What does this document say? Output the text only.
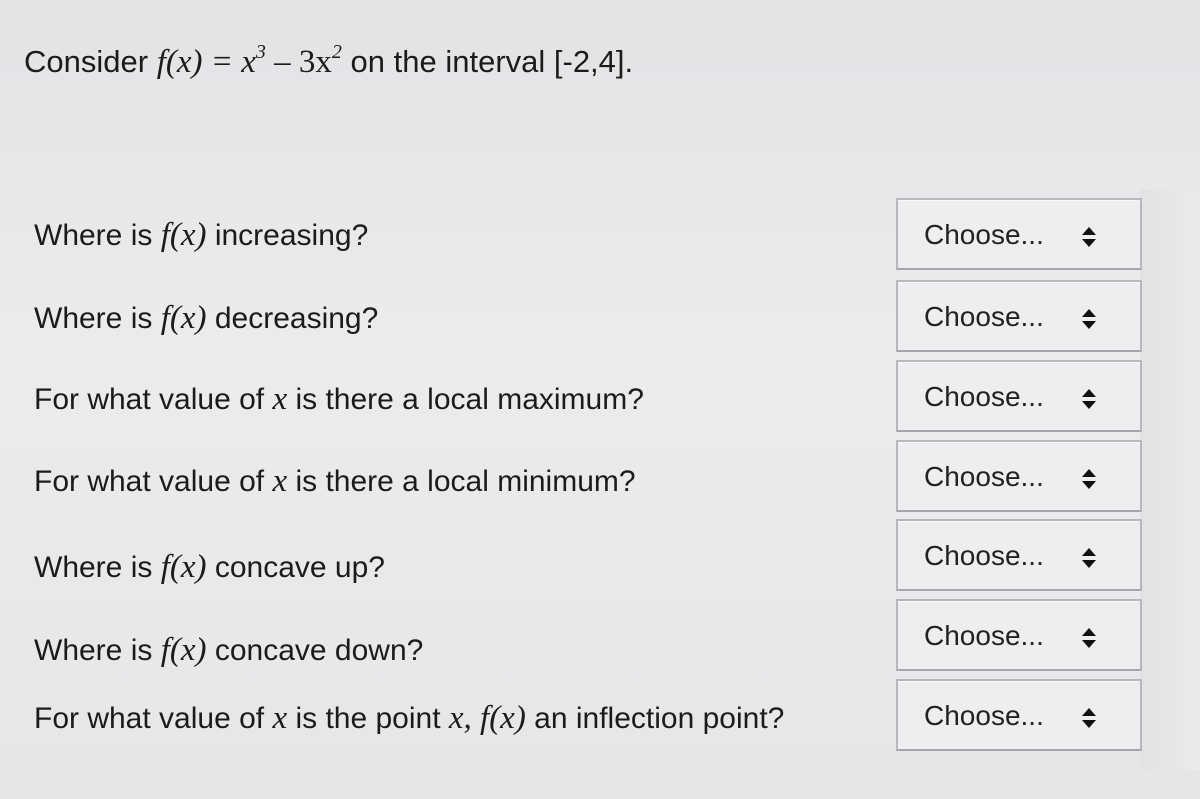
Consider $f(x) = x^3 - 3x^2$ on the interval [-2,4].
Where is f(x) increasing?	Choose...
Where is f(x) decreasing?	Choose...
For what value of x is there a local maximum?	Choose...
For what value of x is there a local minimum?	Choose...
Where is f(x) concave up?	Choose...
Where is f(x) concave down?	Choose...
For what value of x is the point x, f(x) an inflection point?	Choose...
